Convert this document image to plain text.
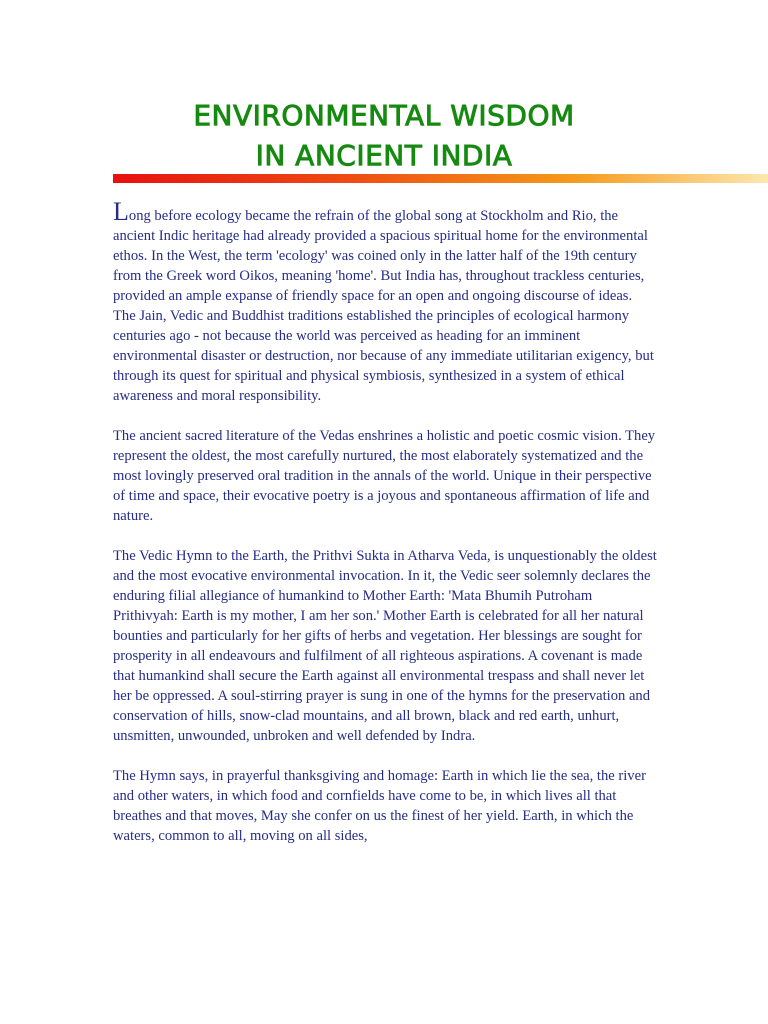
ENVIRONMENTAL WISDOM
IN ANCIENT INDIA

Long before ecology became the refrain of the global song at Stockholm and Rio, the ancient Indic heritage had already provided a spacious spiritual home for the environmental ethos. In the West, the term 'ecology' was coined only in the latter half of the 19th century from the Greek word Oikos, meaning 'home'. But India has, throughout trackless centuries, provided an ample expanse of friendly space for an open and ongoing discourse of ideas. The Jain, Vedic and Buddhist traditions established the principles of ecological harmony centuries ago - not because the world was perceived as heading for an imminent environmental disaster or destruction, nor because of any immediate utilitarian exigency, but through its quest for spiritual and physical symbiosis, synthesized in a system of ethical awareness and moral responsibility.

The ancient sacred literature of the Vedas enshrines a holistic and poetic cosmic vision. They represent the oldest, the most carefully nurtured, the most elaborately systematized and the most lovingly preserved oral tradition in the annals of the world. Unique in their perspective of time and space, their evocative poetry is a joyous and spontaneous affirmation of life and nature.

The Vedic Hymn to the Earth, the Prithvi Sukta in Atharva Veda, is unquestionably the oldest and the most evocative environmental invocation. In it, the Vedic seer solemnly declares the enduring filial allegiance of humankind to Mother Earth: 'Mata Bhumih Putroham Prithivyah: Earth is my mother, I am her son.' Mother Earth is celebrated for all her natural bounties and particularly for her gifts of herbs and vegetation. Her blessings are sought for prosperity in all endeavours and fulfilment of all righteous aspirations. A covenant is made that humankind shall secure the Earth against all environmental trespass and shall never let her be oppressed. A soul-stirring prayer is sung in one of the hymns for the preservation and conservation of hills, snow-clad mountains, and all brown, black and red earth, unhurt, unsmitten, unwounded, unbroken and well defended by Indra.

The Hymn says, in prayerful thanksgiving and homage: Earth in which lie the sea, the river and other waters, in which food and cornfields have come to be, in which lives all that breathes and that moves, May she confer on us the finest of her yield. Earth, in which the waters, common to all, moving on all sides,
